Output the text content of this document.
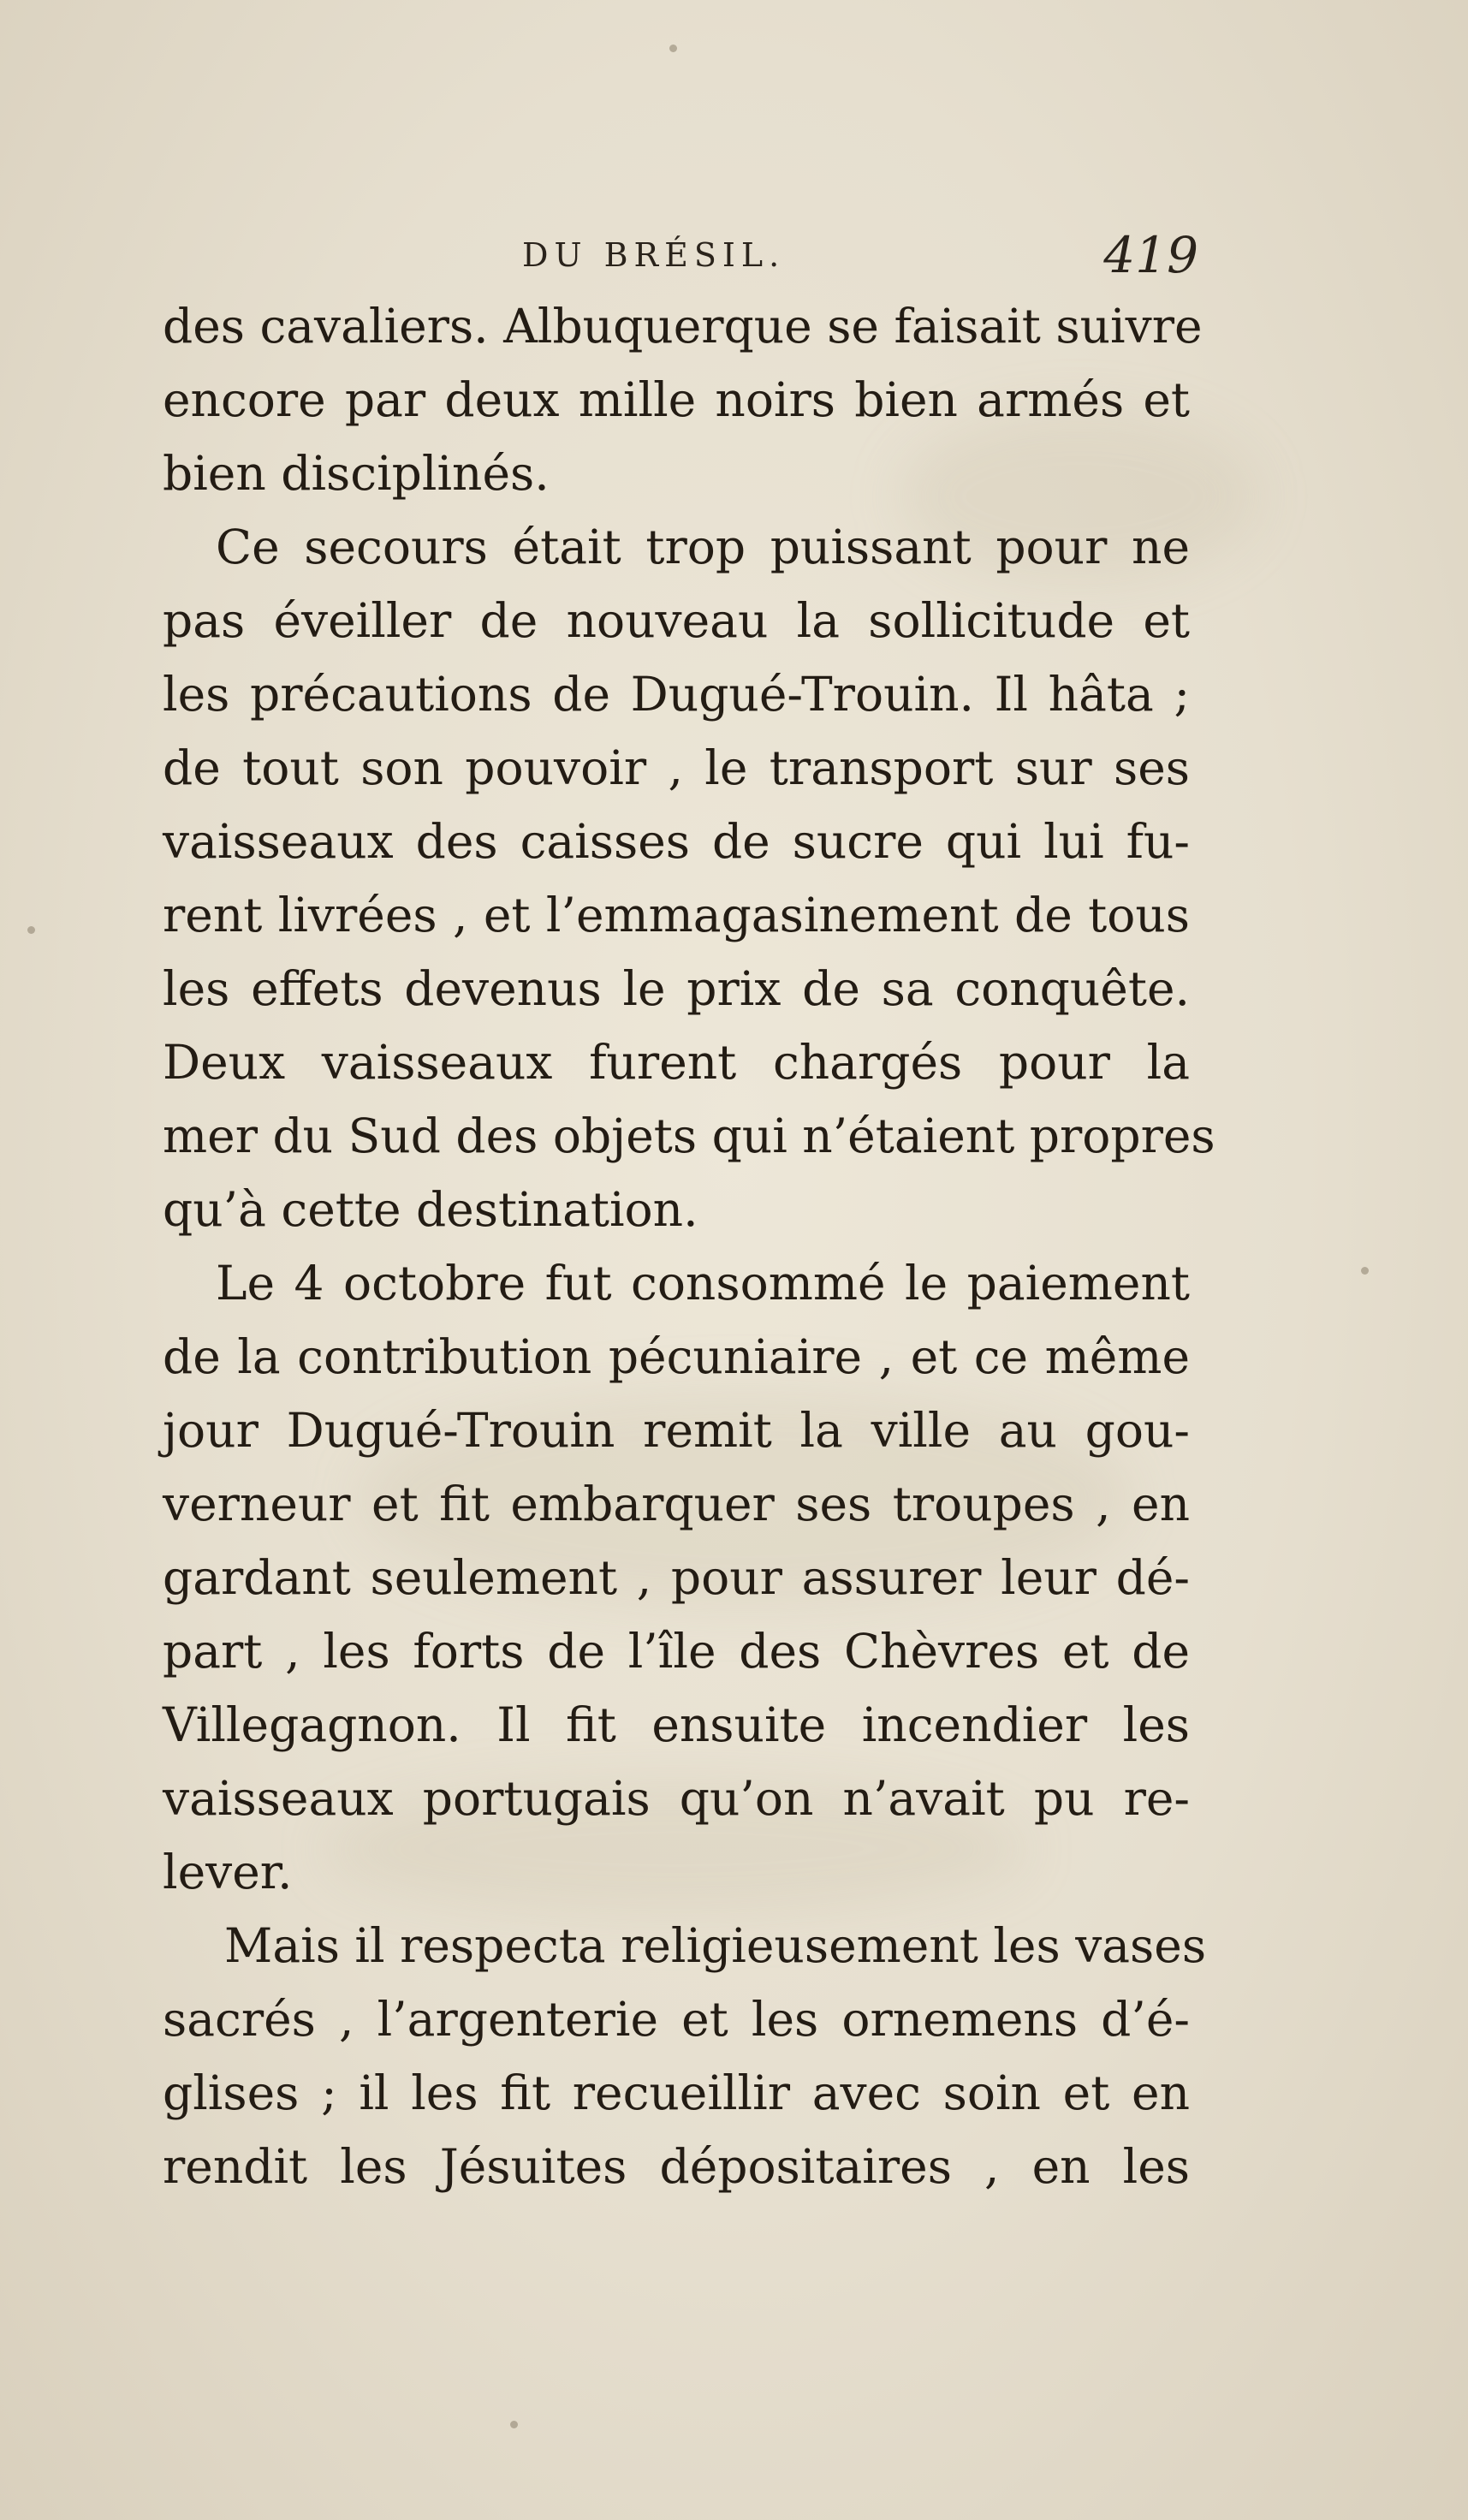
DU BRÉSIL.	419
des cavaliers. Albuquerque se faisait suivre
encore par deux mille noirs bien armés et
bien disciplinés.
Ce secours était trop puissant pour ne
pas éveiller de nouveau la sollicitude et
les précautions de Dugué-Trouin. Il hâta ;
de tout son pouvoir , le transport sur ses
vaisseaux des caisses de sucre qui lui fu-
rent livrées , et l’emmagasinement de tous
les effets devenus le prix de sa conquête.
Deux vaisseaux furent chargés pour la
mer du Sud des objets qui n’étaient propres
qu’à cette destination.
Le 4 octobre fut consommé le paiement
de la contribution pécuniaire , et ce même
jour Dugué-Trouin remit la ville au gou-
verneur et fit embarquer ses troupes , en
gardant seulement , pour assurer leur dé-
part , les forts de l’île des Chèvres et de
Villegagnon. Il fit ensuite incendier les
vaisseaux portugais qu’on n’avait pu re-
lever.
Mais il respecta religieusement les vases
sacrés , l’argenterie et les ornemens d’é-
glises ; il les fit recueillir avec soin et en
rendit les Jésuites dépositaires , en les
